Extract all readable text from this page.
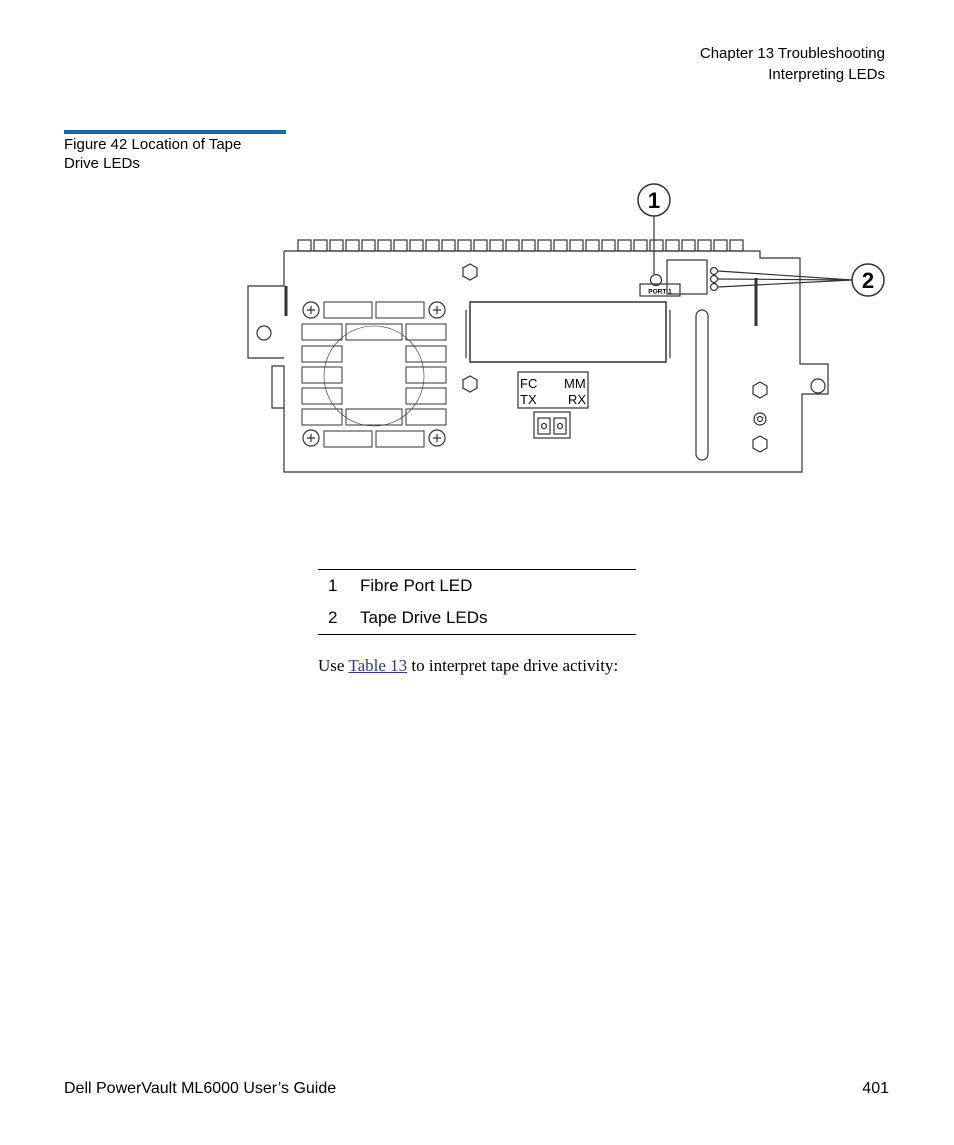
Chapter 13 Troubleshooting
Interpreting LEDs
Figure 42 Location of Tape Drive LEDs
PORT 1
FC MM
TX RX
1
2
1	Fibre Port LED
2	Tape Drive LEDs
Use Table 13 to interpret tape drive activity:
Dell PowerVault ML6000 User’s Guide	401
